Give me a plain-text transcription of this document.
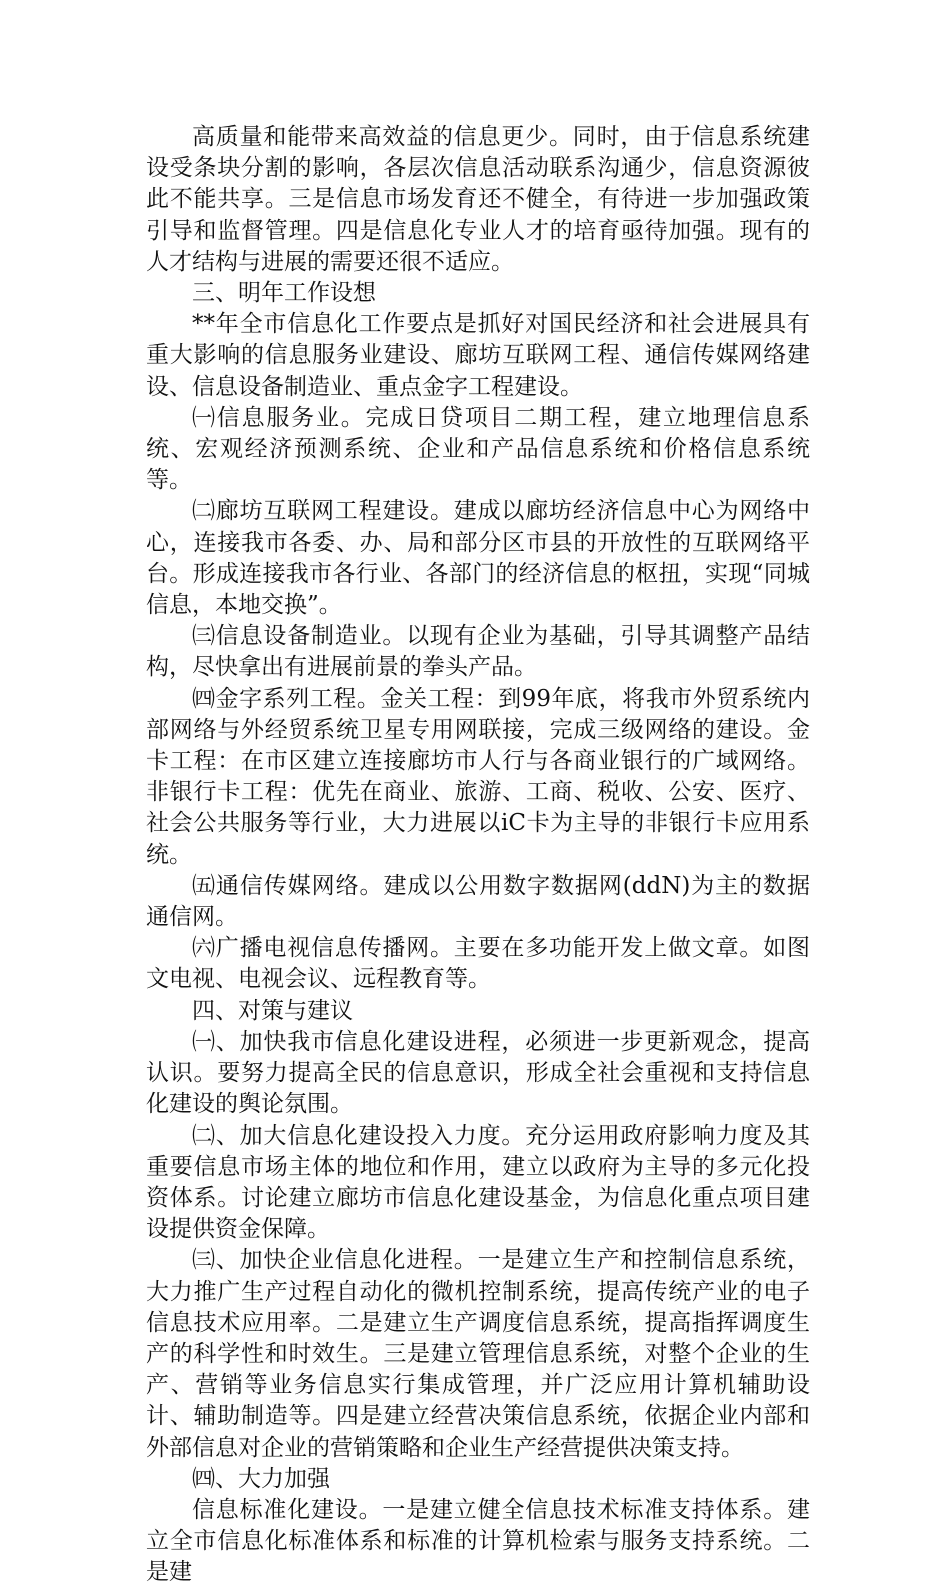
高质量和能带来高效益的信息更少。同时，由于信息系统建设受条块分割的影响，各层次信息活动联系沟通少，信息资源彼此不能共享。三是信息市场发育还不健全，有待进一步加强政策引导和监督管理。四是信息化专业人才的培育亟待加强。现有的人才结构与进展的需要还很不适应。

三、明年工作设想

**年全市信息化工作要点是抓好对国民经济和社会进展具有重大影响的信息服务业建设、廊坊互联网工程、通信传媒网络建设、信息设备制造业、重点金字工程建设。

㈠信息服务业。完成日贷项目二期工程，建立地理信息系统、宏观经济预测系统、企业和产品信息系统和价格信息系统等。

㈡廊坊互联网工程建设。建成以廊坊经济信息中心为网络中心，连接我市各委、办、局和部分区市县的开放性的互联网络平台。形成连接我市各行业、各部门的经济信息的枢扭，实现“同城信息，本地交换”。

㈢信息设备制造业。以现有企业为基础，引导其调整产品结构，尽快拿出有进展前景的拳头产品。

㈣金字系列工程。金关工程：到99年底，将我市外贸系统内部网络与外经贸系统卫星专用网联接，完成三级网络的建设。金卡工程：在市区建立连接廊坊市人行与各商业银行的广域网络。非银行卡工程：优先在商业、旅游、工商、税收、公安、医疗、社会公共服务等行业，大力进展以iC卡为主导的非银行卡应用系统。

㈤通信传媒网络。建成以公用数字数据网(ddN)为主的数据通信网。

㈥广播电视信息传播网。主要在多功能开发上做文章。如图文电视、电视会议、远程教育等。

四、对策与建议

㈠、加快我市信息化建设进程，必须进一步更新观念，提高认识。要努力提高全民的信息意识，形成全社会重视和支持信息化建设的舆论氛围。

㈡、加大信息化建设投入力度。充分运用政府影响力度及其重要信息市场主体的地位和作用，建立以政府为主导的多元化投资体系。讨论建立廊坊市信息化建设基金，为信息化重点项目建设提供资金保障。

㈢、加快企业信息化进程。一是建立生产和控制信息系统，大力推广生产过程自动化的微机控制系统，提高传统产业的电子信息技术应用率。二是建立生产调度信息系统，提高指挥调度生产的科学性和时效生。三是建立管理信息系统，对整个企业的生产、营销等业务信息实行集成管理，并广泛应用计算机辅助设计、辅助制造等。四是建立经营决策信息系统，依据企业内部和外部信息对企业的营销策略和企业生产经营提供决策支持。

㈣、大力加强

信息标准化建设。一是建立健全信息技术标准支持体系。建立全市信息化标准体系和标准的计算机检索与服务支持系统。二是建
